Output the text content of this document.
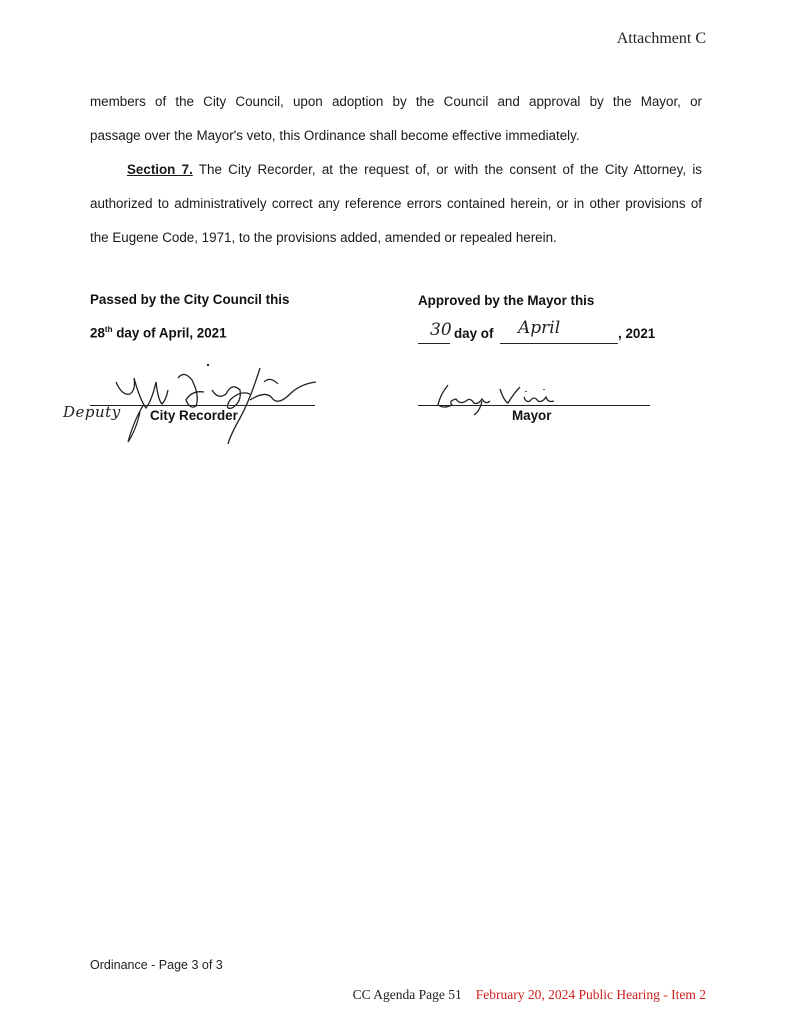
Attachment C
members of the City Council, upon adoption by the Council and approval by the Mayor, or
passage over the Mayor's veto, this Ordinance shall become effective immediately.
Section 7. The City Recorder, at the request of, or with the consent of the City Attorney, is authorized to administratively correct any reference errors contained herein, or in other provisions of the Eugene Code, 1971, to the provisions added, amended or repealed herein.
Passed by the City Council this
28th day of April, 2021
Deputy City Recorder
Approved by the Mayor this
30 day of April	, 2021
Mayor
Ordinance - Page 3 of 3
CC Agenda Page 51 February 20, 2024 Public Hearing - Item 2
